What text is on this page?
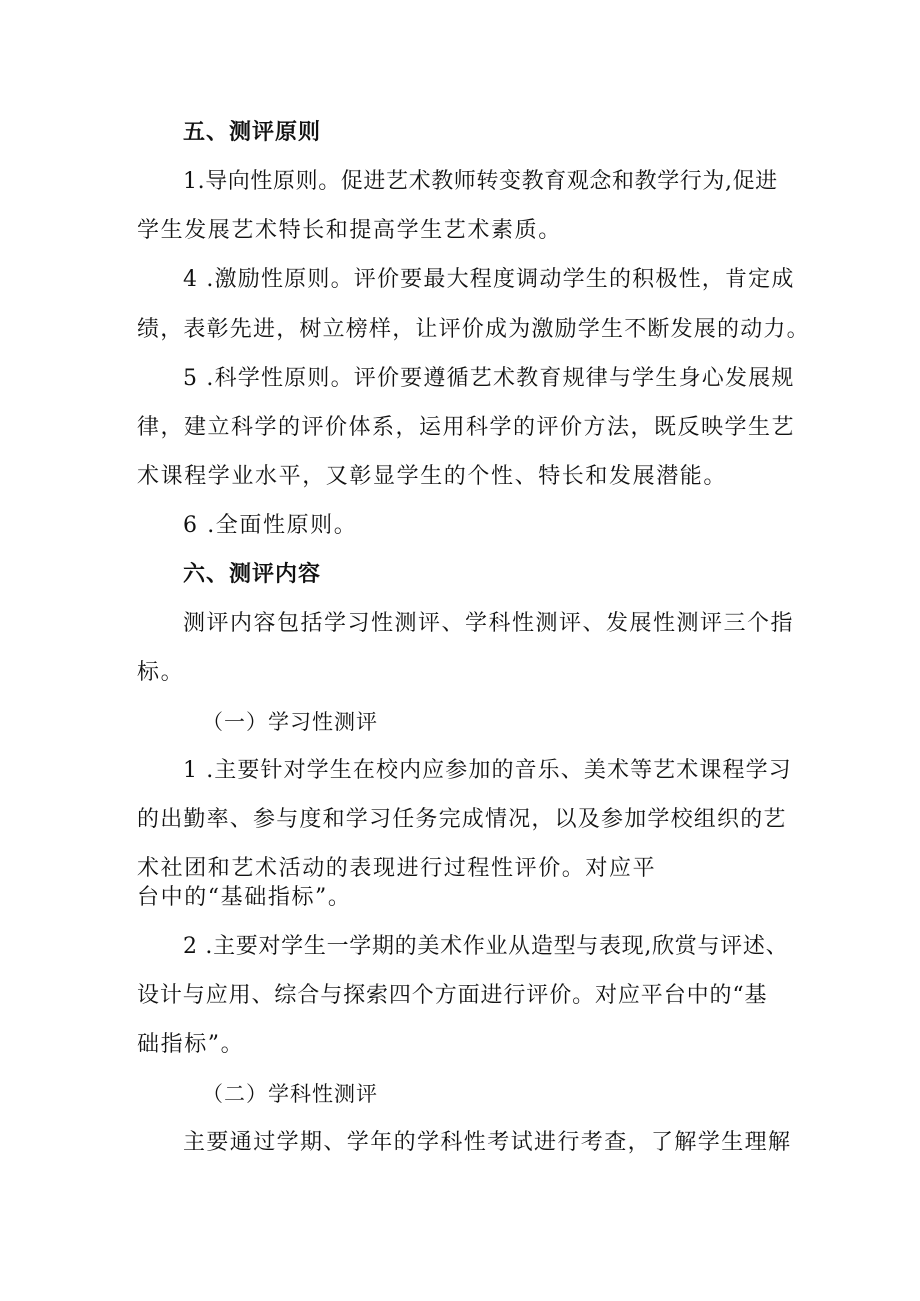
五、测评原则
1.导向性原则。促进艺术教师转变教育观念和教学行为,促进
学生发展艺术特长和提高学生艺术素质。
4 .激励性原则。评价要最大程度调动学生的积极性，肯定成
绩，表彰先进，树立榜样，让评价成为激励学生不断发展的动力。
5 .科学性原则。评价要遵循艺术教育规律与学生身心发展规
律，建立科学的评价体系，运用科学的评价方法，既反映学生艺
术课程学业水平，又彰显学生的个性、特长和发展潜能。
6 .全面性原则。
六、测评内容
测评内容包括学习性测评、学科性测评、发展性测评三个指
标。
（一）学习性测评
1 .主要针对学生在校内应参加的音乐、美术等艺术课程学习
的出勤率、参与度和学习任务完成情况，以及参加学校组织的艺
术社团和艺术活动的表现进行过程性评价。对应平
台中的“基础指标”。
2 .主要对学生一学期的美术作业从造型与表现,欣赏与评述、
设计与应用、综合与探索四个方面进行评价。对应平台中的“基
础指标”。
（二）学科性测评
主要通过学期、学年的学科性考试进行考查，了解学生理解
